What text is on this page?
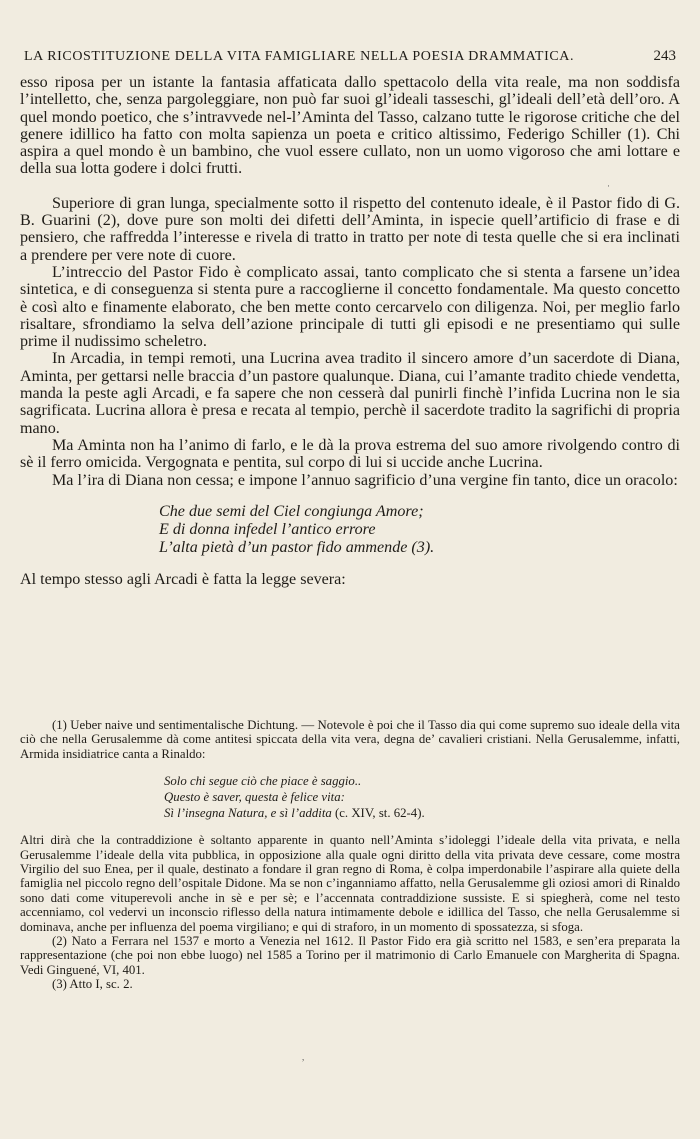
LA RICOSTITUZIONE DELLA VITA FAMIGLIARE NELLA POESIA DRAMMATICA.	243

esso riposa per un istante la fantasia affaticata dallo spettacolo della vita reale, ma non soddisfa l’intelletto, che, senza pargoleggiare, non può far suoi gl’ideali tasseschi, gl’ideali dell’età dell’oro. A quel mondo poetico, che s’intravvede nel-l’Aminta del Tasso, calzano tutte le rigorose critiche che del genere idillico ha fatto con molta sapienza un poeta e critico altissimo, Federigo Schiller (1). Chi aspira a quel mondo è un bambino, che vuol essere cullato, non un uomo vigoroso che ami lottare e della sua lotta godere i dolci frutti.

Superiore di gran lunga, specialmente sotto il rispetto del contenuto ideale, è il Pastor fido di G. B. Guarini (2), dove pure son molti dei difetti dell’Aminta, in ispecie quell’artificio di frase e di pensiero, che raffredda l’interesse e rivela di tratto in tratto per note di testa quelle che si era inclinati a prendere per vere note di cuore.

L’intreccio del Pastor Fido è complicato assai, tanto complicato che si stenta a farsene un’idea sintetica, e di conseguenza si stenta pure a raccoglierne il concetto fondamentale. Ma questo concetto è così alto e finamente elaborato, che ben mette conto cercarvelo con diligenza. Noi, per meglio farlo risaltare, sfrondiamo la selva dell’azione principale di tutti gli episodi e ne presentiamo qui sulle prime il nudissimo scheletro.

In Arcadia, in tempi remoti, una Lucrina avea tradito il sincero amore d’un sacerdote di Diana, Aminta, per gettarsi nelle braccia d’un pastore qualunque. Diana, cui l’amante tradito chiede vendetta, manda la peste agli Arcadi, e fa sapere che non cesserà dal punirli finchè l’infida Lucrina non le sia sagrificata. Lucrina allora è presa e recata al tempio, perchè il sacerdote tradito la sagrifichi di propria mano.

Ma Aminta non ha l’animo di farlo, e le dà la prova estrema del suo amore rivolgendo contro di sè il ferro omicida. Vergognata e pentita, sul corpo di lui si uccide anche Lucrina.

Ma l’ira di Diana non cessa; e impone l’annuo sagrificio d’una vergine fin tanto, dice un oracolo:

Che due semi del Ciel congiunga Amore;
E di donna infedel l’antico errore
L’alta pietà d’un pastor fido ammende (3).

Al tempo stesso agli Arcadi è fatta la legge severa:

(1) Ueber naive und sentimentalische Dichtung. — Notevole è poi che il Tasso dia qui come supremo suo ideale della vita ciò che nella Gerusalemme dà come antitesi spiccata della vita vera, degna de’ cavalieri cristiani. Nella Gerusalemme, infatti, Armida insidiatrice canta a Rinaldo:

Solo chi segue ciò che piace è saggio..
Questo è saver, questa è felice vita:
Sì l’insegna Natura, e sì l’addita (c. XIV, st. 62-4).

Altri dirà che la contraddizione è soltanto apparente in quanto nell’Aminta s’idoleggi l’ideale della vita privata, e nella Gerusalemme l’ideale della vita pubblica, in opposizione alla quale ogni diritto della vita privata deve cessare, come mostra Virgilio del suo Enea, per il quale, destinato a fondare il gran regno di Roma, è colpa imperdonabile l’aspirare alla quiete della famiglia nel piccolo regno dell’ospitale Didone. Ma se non c’inganniamo affatto, nella Gerusalemme gli oziosi amori di Rinaldo sono dati come vituperevoli anche in sè e per sè; e l’accennata contraddizione sussiste. E si spiegherà, come nel testo accenniamo, col vedervi un inconscio riflesso della natura intimamente debole e idillica del Tasso, che nella Gerusalemme si dominava, anche per influenza del poema virgiliano; e qui di straforo, in un momento di spossatezza, si sfoga.

(2) Nato a Ferrara nel 1537 e morto a Venezia nel 1612. Il Pastor Fido era già scritto nel 1583, e sen’era preparata la rappresentazione (che poi non ebbe luogo) nel 1585 a Torino per il matrimonio di Carlo Emanuele con Margherita di Spagna. Vedi Ginguené, VI, 401.

(3) Atto I, sc. 2.

·
,
